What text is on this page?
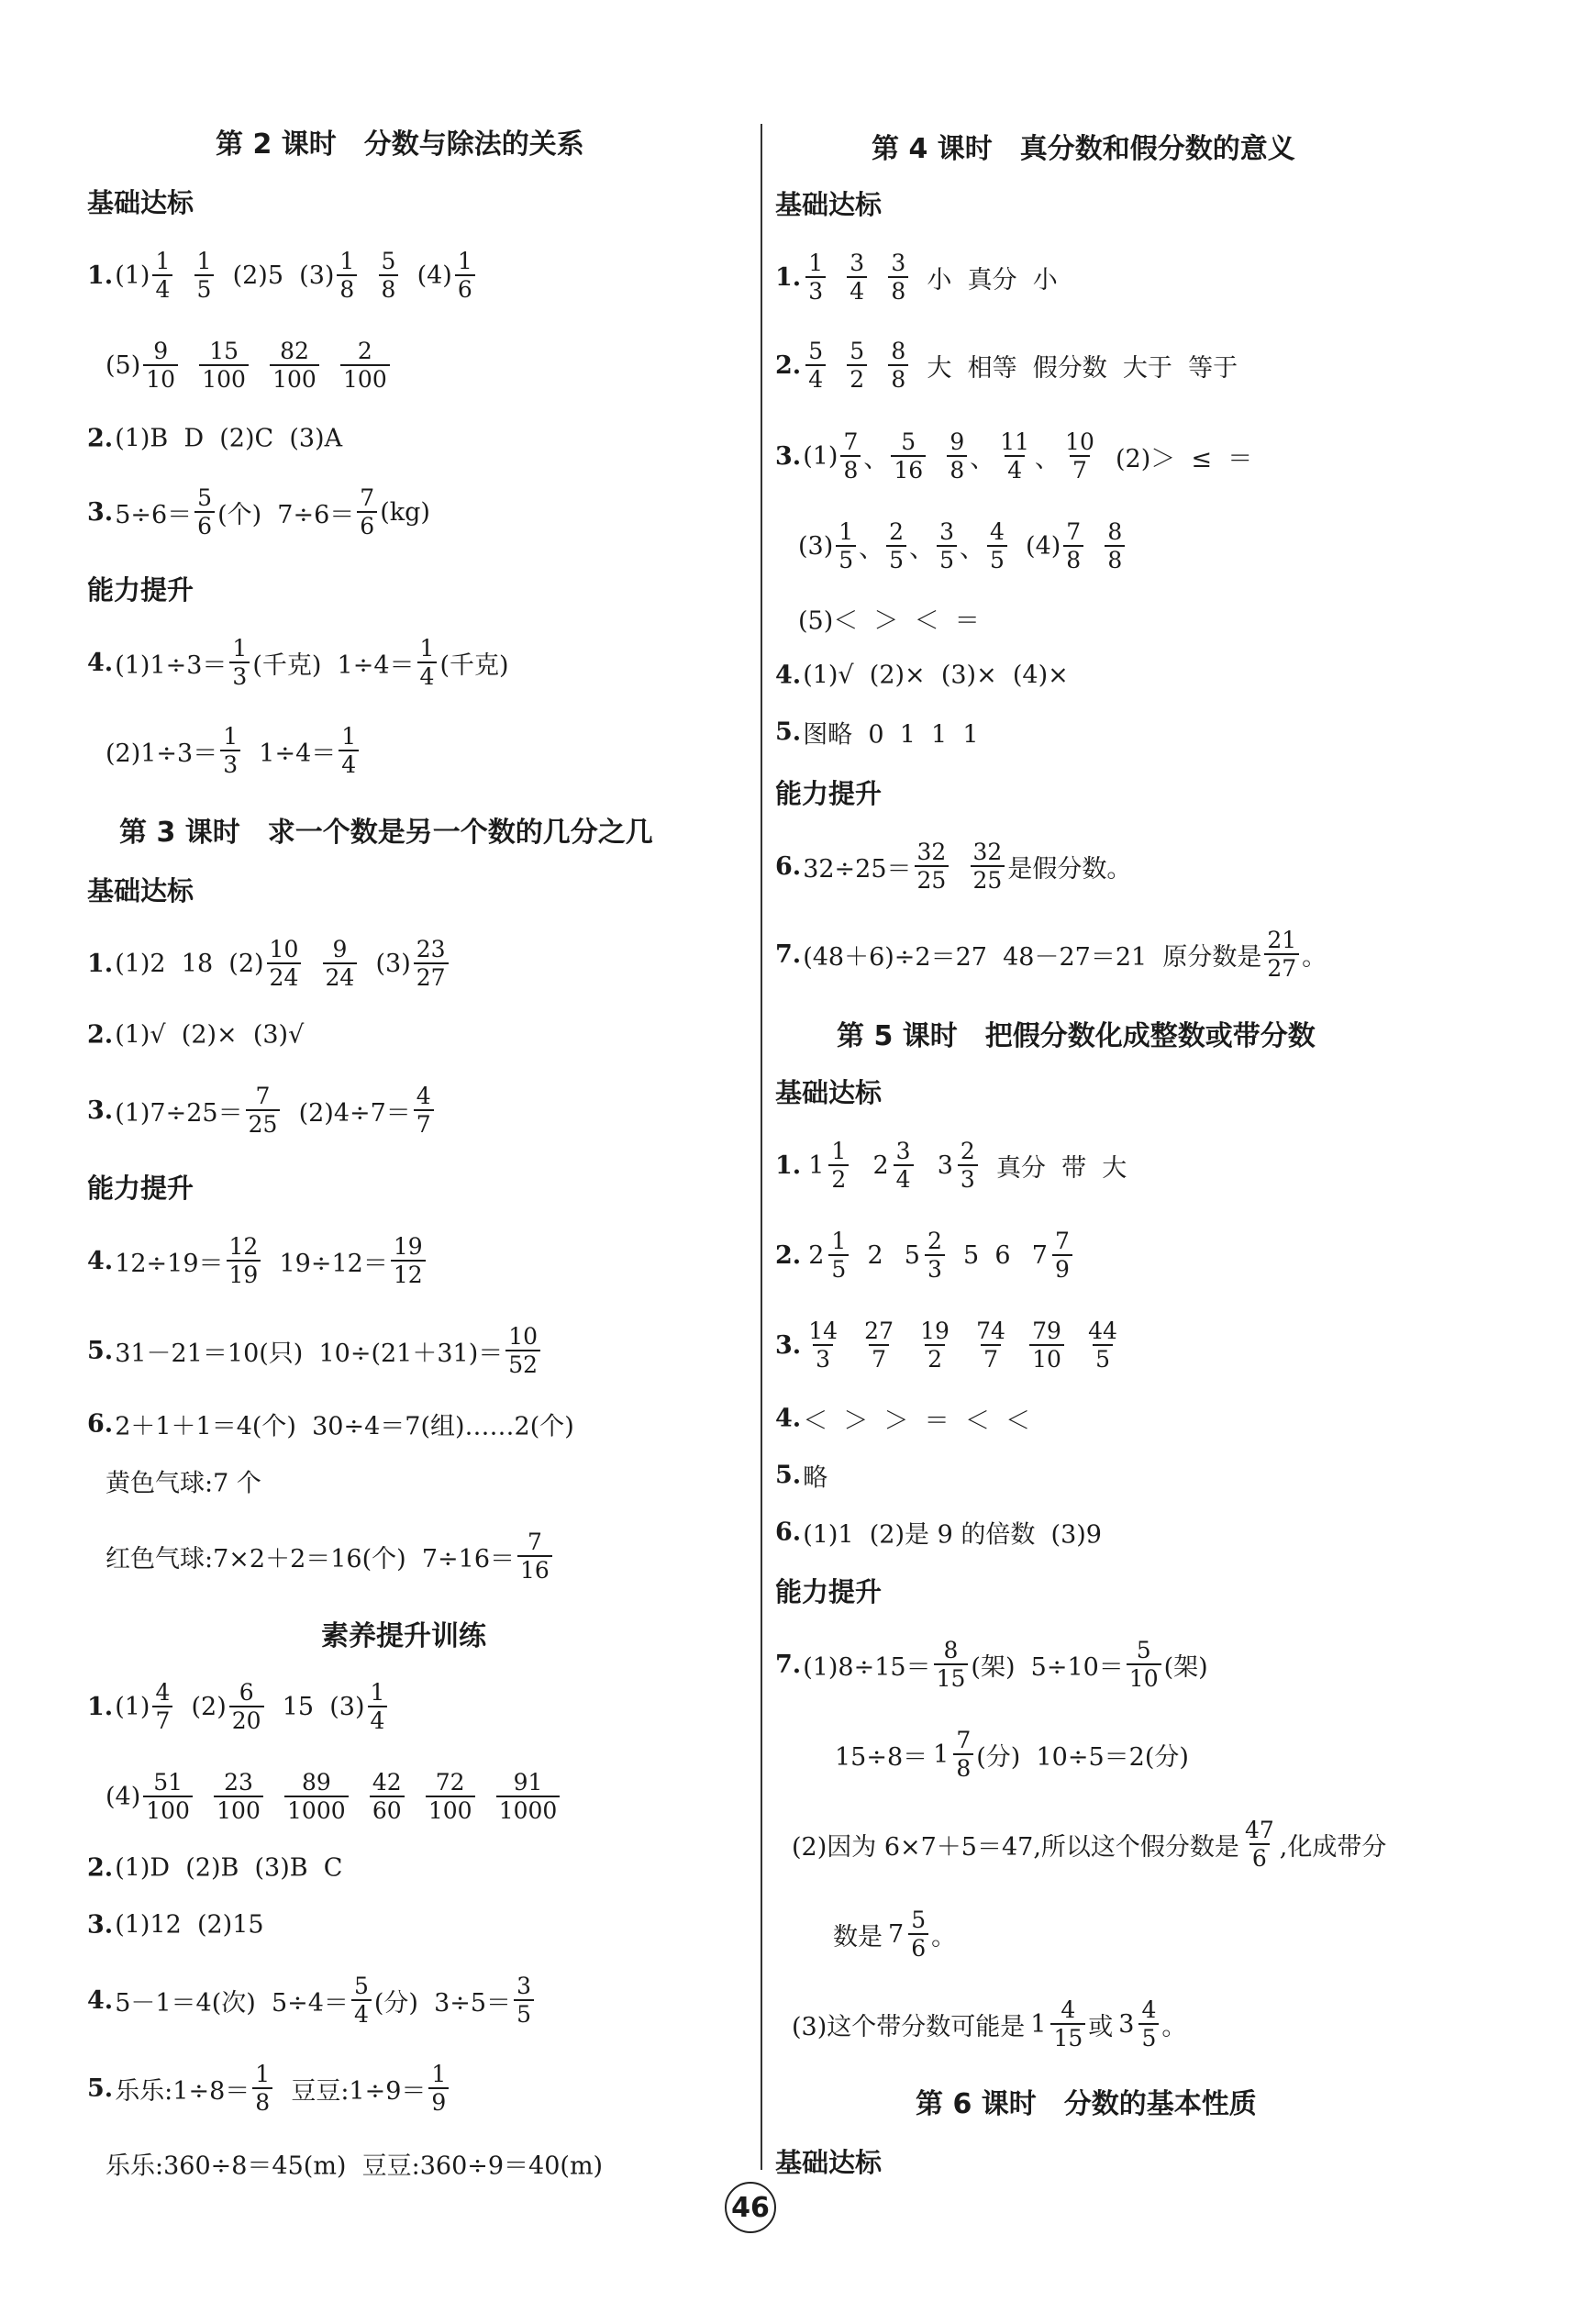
第 2 课时　分数与除法的关系
基础达标
1. $(1) \frac{1}{4}$
$\frac{1}{5} (2)5$  $(3) \frac{1}{8}$
$\frac{5}{8} (4) \frac{1}{6}$
$(5) \frac{9}{10}$
$\frac{15}{100}$
$\frac{82}{100}$
$\frac{2}{100}$
2. (1)B  D  (2)C  (3)A
3. $5\div 6= \frac{5}{6}$ (个)  $7\div 6= \frac{7}{6} (kg)$
能力提升
4. $(1)1\div 3= \frac{1}{3}$ (千克)  $1\div 4= \frac{1}{4}$ (千克)
$(2)1\div 3= \frac{1}{3} 1\div 4= \frac{1}{4}$
第 3 课时　求一个数是另一个数的几分之几
基础达标
1. (1)2  18  $(2) \frac{10}{24}$
$\frac{9}{24} (3) \frac{23}{27}$
2. (1)√  (2)×  (3)√
3. $(1)7\div 25= \frac{7}{25} (2)4\div 7= \frac{4}{7}$
能力提升
4. $12\div 19= \frac{12}{19} 19\div 12= \frac{19}{12}$
5. 31－21＝10(只)  $10\div(21+31)= \frac{10}{52}$
6. 2＋1＋1＝4(个)  30÷4＝7(组)……2(个)
黄色气球:7 个
红色气球:7×2＋2＝16(个)  $7\div 16= \frac{7}{16}$
素养提升训练
1. $(1) \frac{4}{7} (2) \frac{6}{20} 15$  $(3) \frac{1}{4}$
$(4) \frac{51}{100}$
$\frac{23}{100}$
$\frac{89}{1000}$
$\frac{42}{60}$
$\frac{72}{100}$
$\frac{91}{1000}$
2. (1)D  (2)B  (3)B  C
3. (1)12  (2)15
4. 5－1＝4(次)  $5\div 4= \frac{5}{4}$ (分)  $3\div 5= \frac{3}{5}$
5. 乐乐:1÷8＝ $\frac{1}{8}$ 豆豆:1÷9＝ $\frac{1}{9}$
乐乐:360÷8＝45(m)  豆豆:360÷9＝40(m)
第 4 课时　真分数和假分数的意义
基础达标
1. $\frac{1}{3}$
$\frac{3}{4}$
$\frac{3}{8}$ 小  真分  小
2. $\frac{5}{4}$
$\frac{5}{2}$
$\frac{8}{8}$ 大  相等  假分数  大于  等于
3. $(1) \frac{7}{8}$ 、 $\frac{5}{16}$
$\frac{9}{8}$ 、 $\frac{11}{4}$ 、 $\frac{10}{7} (2)>$  ≤  ＝
$(3) \frac{1}{5}$ 、 $\frac{2}{5}$ 、 $\frac{3}{5}$ 、 $\frac{4}{5} (4) \frac{7}{8}$
$\frac{8}{8}$
(5)＜  ＞  ＜  ＝
4. (1)√  (2)×  (3)×  (4)×
5. 图略  0  1  1  1
能力提升
6. $32\div 25= \frac{32}{25}$
$\frac{32}{25}$ 是假分数。
7. (48＋6)÷2＝27  48－27＝21  原分数是 $\frac{21}{27}$ 。
第 5 课时　把假分数化成整数或带分数
基础达标
1. $1 \frac{1}{2}$
$2 \frac{3}{4}$
$3 \frac{2}{3}$ 真分  带  大
2. $2 \frac{1}{5} 2$ $5 \frac{2}{3} 5$  6 $7 \frac{7}{9}$
3. $\frac{14}{3}$
$\frac{27}{7}$
$\frac{19}{2}$
$\frac{74}{7}$
$\frac{79}{10}$
$\frac{44}{5}$
4. ＜  ＞  ＞  ＝  ＜  ＜
5. 略
6. (1)1  (2)是 9 的倍数  (3)9
能力提升
7. $(1)8\div 15= \frac{8}{15}$ (架)  $5\div 10= \frac{5}{10}$ (架)
$15\div 8= 1 \frac{7}{8}$ (分)  10÷5＝2(分)
(2)因为 6×7＋5＝47,所以这个假分数是 $\frac{47}{6}$ ,化成带分
数是 $7 \frac{5}{6}$ 。
(3)这个带分数可能是 $1 \frac{4}{15}$ 或 $3 \frac{4}{5}$ 。
第 6 课时　分数的基本性质
基础达标
46
